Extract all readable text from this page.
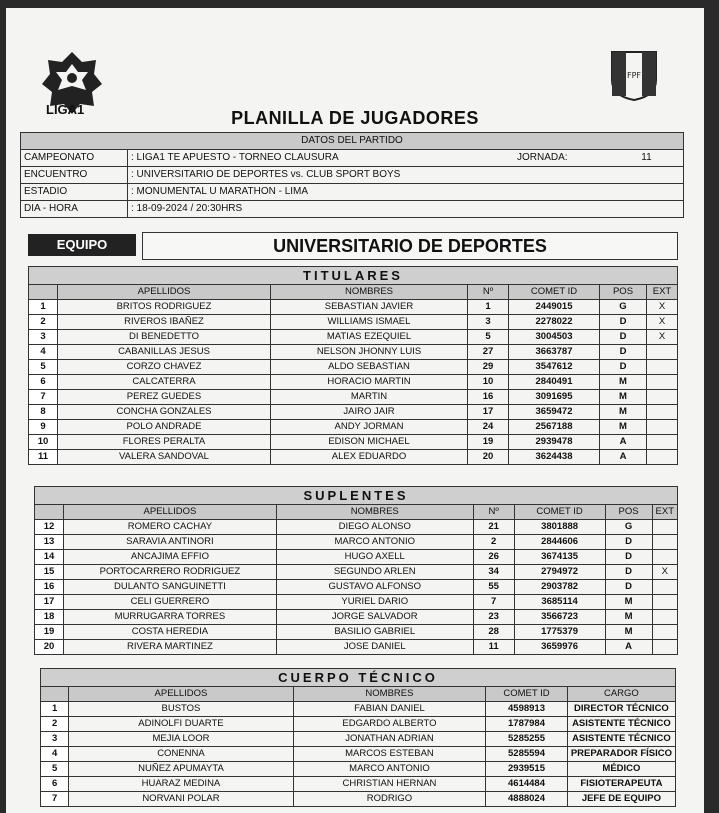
LIGA1
FPF
PLANILLA DE JUGADORES
DATOS DEL PARTIDO			
CAMPEONATO	: LIGA1 TE APUESTO - TORNEO CLAUSURA	JORNADA:	11
ENCUENTRO	: UNIVERSITARIO DE DEPORTES vs. CLUB SPORT BOYS		
ESTADIO	: MONUMENTAL U MARATHON - LIMA		
DIA - HORA	: 18-09-2024 / 20:30HRS		
EQUIPO	UNIVERSITARIO DE DEPORTES
TITULARES						
	APELLIDOS	NOMBRES	Nº	COMET ID	POS	EXT
1	BRITOS RODRIGUEZ	SEBASTIAN JAVIER	1	2449015	G	X
2	RIVEROS IBAÑEZ	WILLIAMS ISMAEL	3	2278022	D	X
3	DI BENEDETTO	MATIAS EZEQUIEL	5	3004503	D	X
4	CABANILLAS JESUS	NELSON JHONNY LUIS	27	3663787	D	
5	CORZO CHAVEZ	ALDO SEBASTIAN	29	3547612	D	
6	CALCATERRA	HORACIO MARTIN	10	2840491	M	
7	PEREZ GUEDES	MARTIN	16	3091695	M	
8	CONCHA GONZALES	JAIRO JAIR	17	3659472	M	
9	POLO ANDRADE	ANDY JORMAN	24	2567188	M	
10	FLORES PERALTA	EDISON MICHAEL	19	2939478	A	
11	VALERA SANDOVAL	ALEX EDUARDO	20	3624438	A	
SUPLENTES						
	APELLIDOS	NOMBRES	Nº	COMET ID	POS	EXT
12	ROMERO CACHAY	DIEGO ALONSO	21	3801888	G	
13	SARAVIA ANTINORI	MARCO ANTONIO	2	2844606	D	
14	ANCAJIMA EFFIO	HUGO AXELL	26	3674135	D	
15	PORTOCARRERO RODRIGUEZ	SEGUNDO ARLEN	34	2794972	D	X
16	DULANTO SANGUINETTI	GUSTAVO ALFONSO	55	2903782	D	
17	CELI GUERRERO	YURIEL DARIO	7	3685114	M	
18	MURRUGARRA TORRES	JORGE SALVADOR	23	3566723	M	
19	COSTA HEREDIA	BASILIO GABRIEL	28	1775379	M	
20	RIVERA MARTINEZ	JOSE DANIEL	11	3659976	A	
CUERPO TÉCNICO				
	APELLIDOS	NOMBRES	COMET ID	CARGO
1	BUSTOS	FABIAN DANIEL	4598913	DIRECTOR TÉCNICO
2	ADINOLFI DUARTE	EDGARDO ALBERTO	1787984	ASISTENTE TÉCNICO
3	MEJIA LOOR	JONATHAN ADRIAN	5285255	ASISTENTE TÉCNICO
4	CONENNA	MARCOS ESTEBAN	5285594	PREPARADOR FÍSICO
5	NUÑEZ APUMAYTA	MARCO ANTONIO	2939515	MÉDICO
6	HUARAZ MEDINA	CHRISTIAN HERNAN	4614484	FISIOTERAPEUTA
7	NORVANI POLAR	RODRIGO	4888024	JEFE DE EQUIPO
